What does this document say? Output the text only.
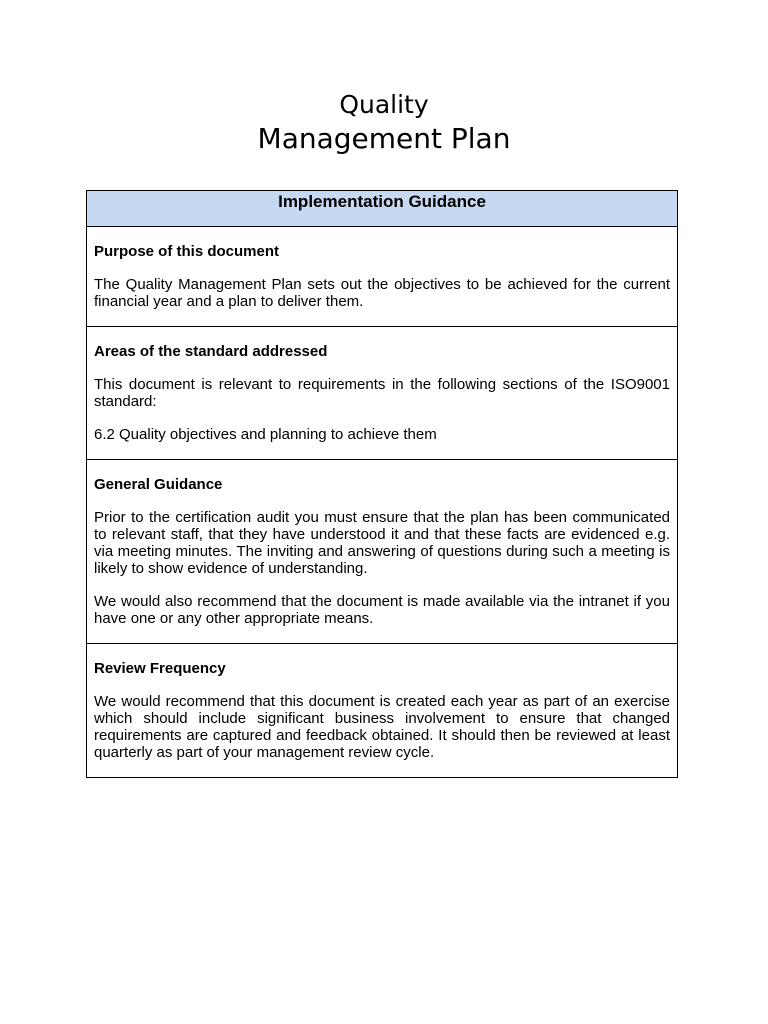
Quality
Management Plan
Implementation Guidance

Purpose of this document

The Quality Management Plan sets out the objectives to be achieved for the current financial year and a plan to deliver them.

Areas of the standard addressed

This document is relevant to requirements in the following sections of the ISO9001 standard:

6.2 Quality objectives and planning to achieve them

General Guidance

Prior to the certification audit you must ensure that the plan has been communicated to relevant staff, that they have understood it and that these facts are evidenced e.g. via meeting minutes. The inviting and answering of questions during such a meeting is likely to show evidence of understanding.

We would also recommend that the document is made available via the intranet if you have one or any other appropriate means.

Review Frequency

We would recommend that this document is created each year as part of an exercise which should include significant business involvement to ensure that changed requirements are captured and feedback obtained. It should then be reviewed at least quarterly as part of your management review cycle.
